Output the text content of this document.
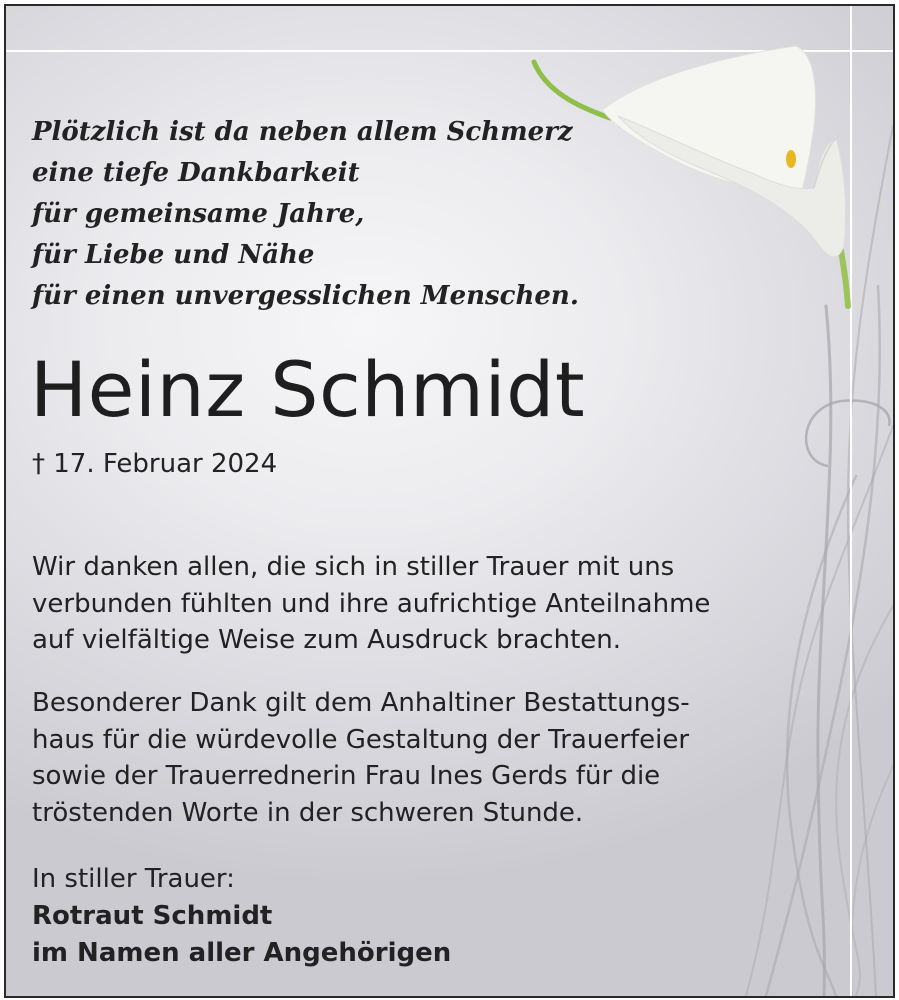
Plötzlich ist da neben allem Schmerz
eine tiefe Dankbarkeit
für gemeinsame Jahre,
für Liebe und Nähe
für einen unvergesslichen Menschen.
Heinz Schmidt
† 17. Februar 2024
Wir danken allen, die sich in stiller Trauer mit uns
verbunden fühlten und ihre aufrichtige Anteilnahme
auf vielfältige Weise zum Ausdruck brachten.
Besonderer Dank gilt dem Anhaltiner Bestattungs-
haus für die würdevolle Gestaltung der Trauerfeier
sowie der Trauerrednerin Frau Ines Gerds für die
tröstenden Worte in der schweren Stunde.
In stiller Trauer:
Rotraut Schmidt
im Namen aller Angehörigen
